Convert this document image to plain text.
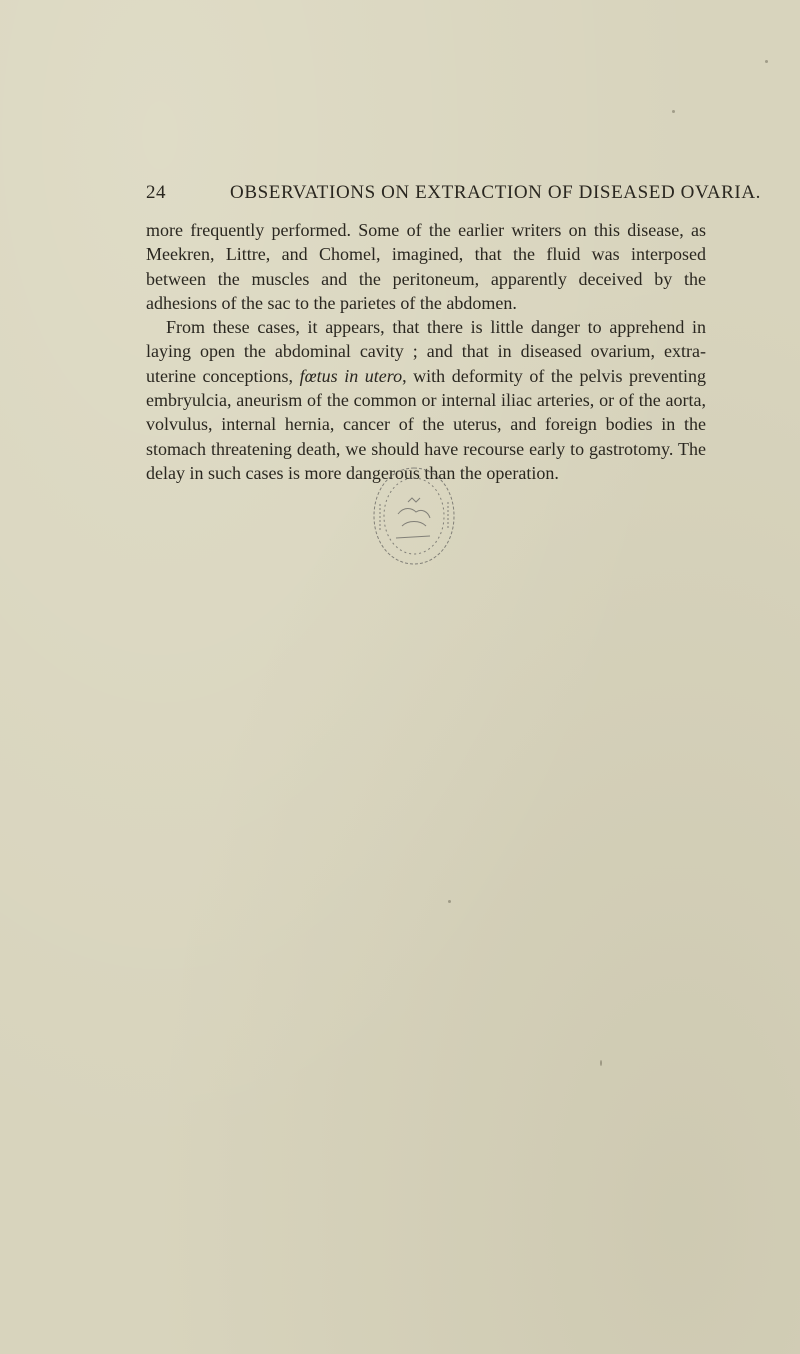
24	OBSERVATIONS ON EXTRACTION OF DISEASED OVARIA.

more frequently performed. Some of the earlier writers on this disease, as Meekren, Littre, and Chomel, imagined, that the fluid was interposed between the muscles and the peritoneum, apparently deceived by the adhesions of the sac to the parietes of the abdomen.

From these cases, it appears, that there is little danger to apprehend in laying open the abdominal cavity ; and that in diseased ovarium, extra-uterine conceptions, fœtus in utero, with deformity of the pelvis preventing embryulcia, aneurism of the common or internal iliac arteries, or of the aorta, volvulus, internal hernia, cancer of the uterus, and foreign bodies in the stomach threatening death, we should have recourse early to gastrotomy. The delay in such cases is more dangerous than the operation.
